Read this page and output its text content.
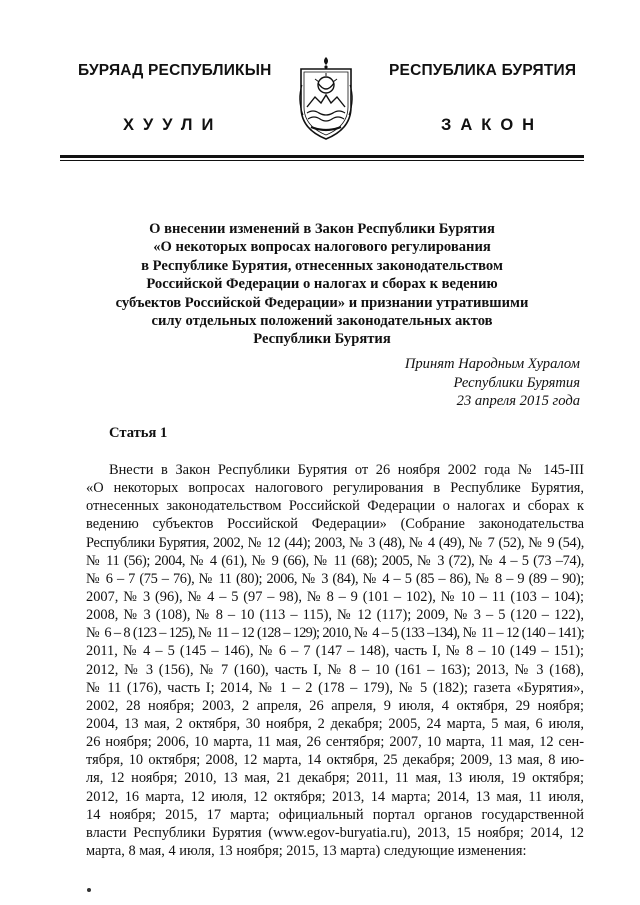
БУРЯАД РЕСПУБЛИКЫН	РЕСПУБЛИКА БУРЯТИЯ
ХУУЛИ	ЗАКОН
О внесении изменений в Закон Республики Бурятия
«О некоторых вопросах налогового регулирования
в Республике Бурятия, отнесенных законодательством
Российской Федерации о налогах и сборах к ведению
субъектов Российской Федерации» и признании утратившими
силу отдельных положений законодательных актов
Республики Бурятия
Принят Народным Хуралом
Республики Бурятия
23 апреля 2015 года
Статья 1
Внести в Закон Республики Бурятия от 26 ноября 2002 года № 145-III
«О некоторых вопросах налогового регулирования в Республике Бурятия,
отнесенных законодательством Российской Федерации о налогах и сборах к
ведению субъектов Российской Федерации» (Собрание законодательства
Республики Бурятия, 2002, № 12 (44); 2003, № 3 (48), № 4 (49), № 7 (52), № 9 (54),
№ 11 (56); 2004, № 4 (61), № 9 (66), № 11 (68); 2005, № 3 (72), № 4 – 5 (73 –74),
№ 6 – 7 (75 – 76), № 11 (80); 2006, № 3 (84), № 4 – 5 (85 – 86), № 8 – 9 (89 – 90);
2007, № 3 (96), № 4 – 5 (97 – 98), № 8 – 9 (101 – 102), № 10 – 11 (103 – 104);
2008, № 3 (108), № 8 – 10 (113 – 115), № 12 (117); 2009, № 3 – 5 (120 – 122),
№ 6 – 8 (123 – 125), № 11 – 12 (128 – 129); 2010, № 4 – 5 (133 –134), № 11 – 12 (140 – 141);
2011, № 4 – 5 (145 – 146), № 6 – 7 (147 – 148), часть I, № 8 – 10 (149 – 151);
2012, № 3 (156), № 7 (160), часть I, № 8 – 10 (161 – 163); 2013, № 3 (168),
№ 11 (176), часть I; 2014, № 1 – 2 (178 – 179), № 5 (182); газета «Бурятия»,
2002, 28 ноября; 2003, 2 апреля, 26 апреля, 9 июля, 4 октября, 29 ноября;
2004, 13 мая, 2 октября, 30 ноября, 2 декабря; 2005, 24 марта, 5 мая, 6 июля,
26 ноября; 2006, 10 марта, 11 мая, 26 сентября; 2007, 10 марта, 11 мая, 12 сен-
тября, 10 октября; 2008, 12 марта, 14 октября, 25 декабря; 2009, 13 мая, 8 ию-
ля, 12 ноября; 2010, 13 мая, 21 декабря; 2011, 11 мая, 13 июля, 19 октября;
2012, 16 марта, 12 июля, 12 октября; 2013, 14 марта; 2014, 13 мая, 11 июля,
14 ноября; 2015, 17 марта; официальный портал органов государственной
власти Республики Бурятия (www.egov-buryatia.ru), 2013, 15 ноября; 2014, 12
марта, 8 мая, 4 июля, 13 ноября; 2015, 13 марта) следующие изменения:
